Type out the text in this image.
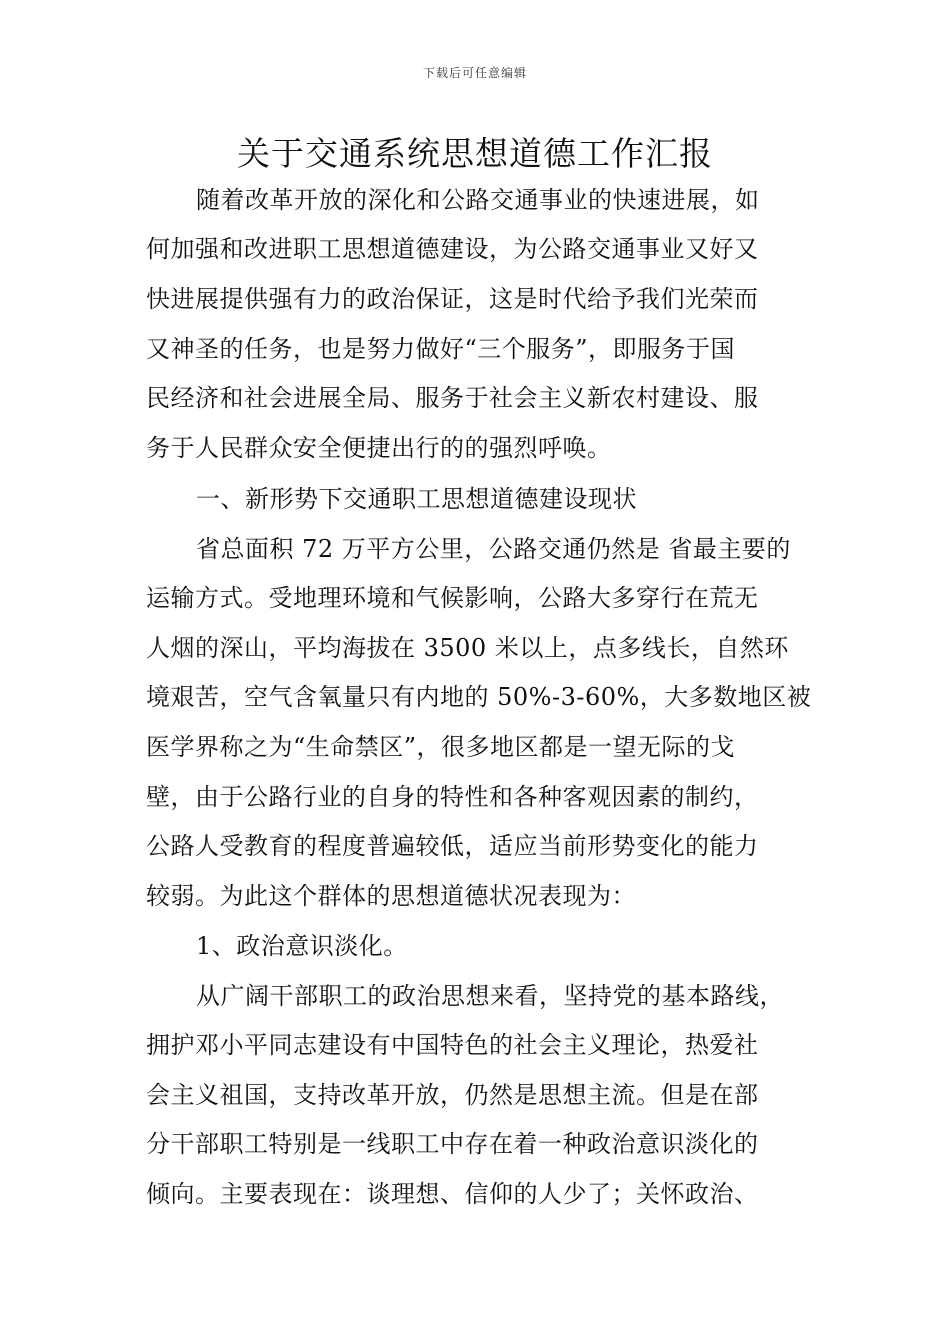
下载后可任意编辑
关于交通系统思想道德工作汇报
随着改革开放的深化和公路交通事业的快速进展，如
何加强和改进职工思想道德建设，为公路交通事业又好又
快进展提供强有力的政治保证，这是时代给予我们光荣而
又神圣的任务，也是努力做好“三个服务”，即服务于国
民经济和社会进展全局、服务于社会主义新农村建设、服
务于人民群众安全便捷出行的的强烈呼唤。
一、新形势下交通职工思想道德建设现状
省总面积 72 万平方公里，公路交通仍然是 省最主要的
运输方式。受地理环境和气候影响，公路大多穿行在荒无
人烟的深山，平均海拔在 3500 米以上，点多线长，自然环
境艰苦，空气含氧量只有内地的 50%-3-60%，大多数地区被
医学界称之为“生命禁区”，很多地区都是一望无际的戈
壁，由于公路行业的自身的特性和各种客观因素的制约，
公路人受教育的程度普遍较低，适应当前形势变化的能力
较弱。为此这个群体的思想道德状况表现为：
1、政治意识淡化。
从广阔干部职工的政治思想来看，坚持党的基本路线，
拥护邓小平同志建设有中国特色的社会主义理论，热爱社
会主义祖国，支持改革开放，仍然是思想主流。但是在部
分干部职工特别是一线职工中存在着一种政治意识淡化的
倾向。主要表现在：谈理想、信仰的人少了；关怀政治、
